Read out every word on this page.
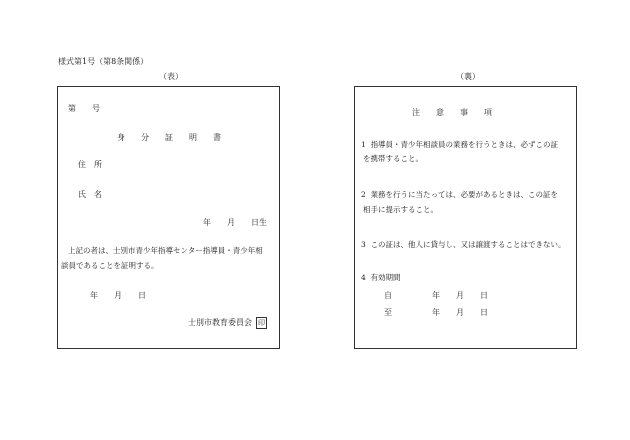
様式第1号（第8条関係）
（表）	（裏）
第　　号
身　　分　　証　　明　　書
住　所
氏　名
年　　月　　日生
上記の者は、士別市青少年指導センター指導員・青少年相
談員であることを証明する。
年　　月　　日
士別市教育委員会 印
注　　意　　事　　項
1 指導員・青少年相談員の業務を行うときは、必ずこの証
を携帯すること。
2 業務を行うに当たっては、必要があるときは、この証を
相手に提示すること。
3 この証は、他人に貸与し、又は譲渡することはできない。
4 有効期間
自	年　　月　　日
至	年　　月　　日
